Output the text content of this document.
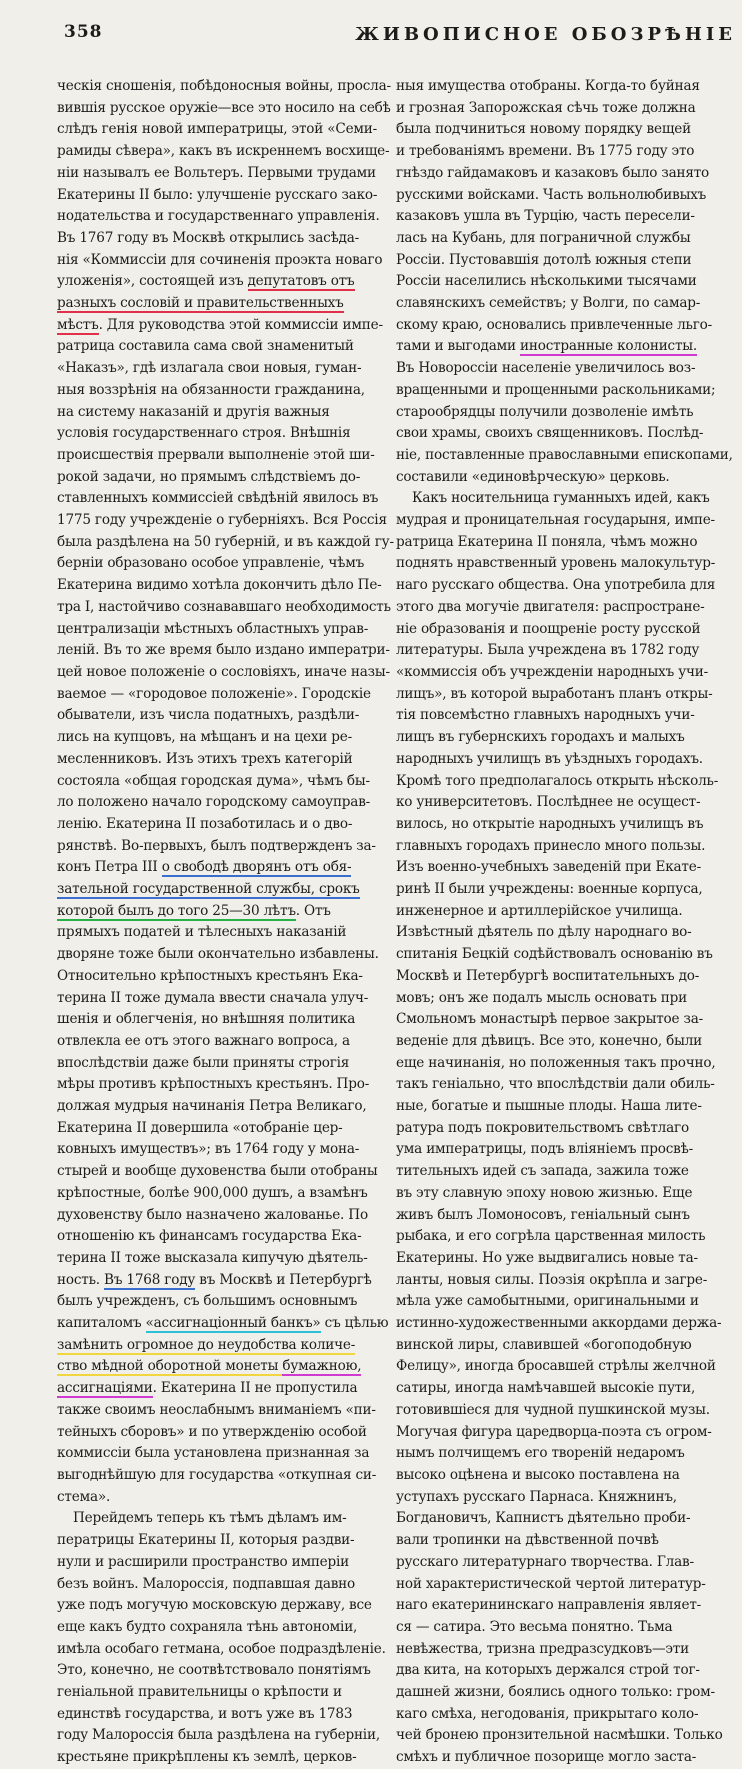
358	ЖИВОПИСНОЕ ОБОЗРѢНІЕ
ческія сношенія, побѣдоносныя войны, просла-
вившія русское оружіе—все это носило на себѣ
слѣдъ генія новой императрицы, этой «Семи-
рамиды сѣвера», какъ въ искреннемъ восхище-
ніи называлъ ее Вольтеръ. Первыми трудами
Екатерины II было: улучшеніе русскаго зако-
нодательства и государственнаго управленія.
Въ 1767 году въ Москвѣ открылись засѣда-
нія «Коммиссіи для сочиненія проэкта новаго
уложенія», состоящей изъ депутатовъ отъ
разныхъ сословій и правительственныхъ
мѣстъ. Для руководства этой коммиссіи импе-
ратрица составила сама свой знаменитый
«Наказъ», гдѣ излагала свои новыя, гуман-
ныя воззрѣнія на обязанности гражданина,
на систему наказаній и другія важныя
условія государственнаго строя. Внѣшнія
происшествія прервали выполненіе этой ши-
рокой задачи, но прямымъ слѣдствіемъ до-
ставленныхъ коммиссіей свѣдѣній явилось въ
1775 году учрежденіе о губерніяхъ. Вся Россія
была раздѣлена на 50 губерній, и въ каждой гу-
берніи образовано особое управленіе, чѣмъ
Екатерина видимо хотѣла докончить дѣло Пе-
тра I, настойчиво сознававшаго необходимость
централизаціи мѣстныхъ областныхъ управ-
леній. Въ то же время было издано императри-
цей новое положеніе о сословіяхъ, иначе назы-
ваемое — «городовое положеніе». Городскіе
обыватели, изъ числа податныхъ, раздѣли-
лись на купцовъ, на мѣщанъ и на цехи ре-
месленниковъ. Изъ этихъ трехъ категорій
состояла «общая городская дума», чѣмъ бы-
ло положено начало городскому самоуправ-
ленію. Екатерина II позаботилась и о дво-
рянствѣ. Во-первыхъ, былъ подтвержденъ за-
конъ Петра III о свободѣ дворянъ отъ обя-
зательной государственной службы, срокъ
которой былъ до того 25—30 лѣтъ. Отъ
прямыхъ податей и тѣлесныхъ наказаній
дворяне тоже были окончательно избавлены.
Относительно крѣпостныхъ крестьянъ Ека-
терина II тоже думала ввести сначала улуч-
шенія и облегченія, но внѣшняя политика
отвлекла ее отъ этого важнаго вопроса, а
впослѣдствіи даже были приняты строгія
мѣры противъ крѣпостныхъ крестьянъ. Про-
должая мудрыя начинанія Петра Великаго,
Екатерина II довершила «отобраніе цер-
ковныхъ имуществъ»; въ 1764 году у мона-
стырей и вообще духовенства были отобраны
крѣпостные, болѣе 900,000 душъ, а взамѣнъ
духовенству было назначено жалованье. По
отношенію къ финансамъ государства Ека-
терина II тоже высказала кипучую дѣятель-
ность. Въ 1768 году въ Москвѣ и Петербургѣ
былъ учрежденъ, съ большимъ основнымъ
капиталомъ «ассигнаціонный банкъ» съ цѣлью
замѣнить огромное до неудобства количе-
ство мѣдной оборотной монеты бумажною,
ассигнаціями. Екатерина II не пропустила
также своимъ неослабнымъ вниманіемъ «пи-
тейныхъ сборовъ» и по утвержденію особой
коммиссіи была установлена признанная за
выгоднѣйшую для государства «откупная си-
стема».
Перейдемъ теперь къ тѣмъ дѣламъ им-
ператрицы Екатерины II, которыя раздви-
нули и расширили пространство имперіи
безъ войнъ. Малороссія, подпавшая давно
уже подъ могучую московскую державу, все
еще какъ будто сохраняла тѣнь автономіи,
имѣла особаго гетмана, особое подраздѣленіе.
Это, конечно, не соотвѣтствовало понятіямъ
геніальной правительницы о крѣпости и
единствѣ государства, и вотъ уже въ 1783
году Малороссія была раздѣлена на губерніи,
крестьяне прикрѣплены къ землѣ, церков-
ныя имущества отобраны. Когда-то буйная
и грозная Запорожская сѣчь тоже должна
была подчиниться новому порядку вещей
и требованіямъ времени. Въ 1775 году это
гнѣздо гайдамаковъ и казаковъ было занято
русскими войсками. Часть вольнолюбивыхъ
казаковъ ушла въ Турцію, часть пересели-
лась на Кубань, для пограничной службы
Россіи. Пустовавшія дотолѣ южныя степи
Россіи населились нѣсколькими тысячами
славянскихъ семействъ; у Волги, по самар-
скому краю, основались привлеченные льго-
тами и выгодами иностранные колонисты.
Въ Новороссіи населеніе увеличилось воз-
вращенными и прощенными раскольниками;
старообрядцы получили дозволеніе имѣть
свои храмы, своихъ священниковъ. Послѣд-
ніе, поставленные православными епископами,
составили «единовѣрческую» церковь.
Какъ носительница гуманныхъ идей, какъ
мудрая и проницательная государыня, импе-
ратрица Екатерина II поняла, чѣмъ можно
поднять нравственный уровень малокультур-
наго русскаго общества. Она употребила для
этого два могучіе двигателя: распростране-
ніе образованія и поощреніе росту русской
литературы. Была учреждена въ 1782 году
«коммиссія объ учрежденіи народныхъ учи-
лищъ», въ которой выработанъ планъ откры-
тія повсемѣстно главныхъ народныхъ учи-
лищъ въ губернскихъ городахъ и малыхъ
народныхъ училищъ въ уѣздныхъ городахъ.
Кромѣ того предполагалось открыть нѣсколь-
ко университетовъ. Послѣднее не осущест-
вилось, но открытіе народныхъ училищъ въ
главныхъ городахъ принесло много пользы.
Изъ военно-учебныхъ заведеній при Екате-
ринѣ II были учреждены: военные корпуса,
инженерное и артиллерійское училища.
Извѣстный дѣятель по дѣлу народнаго во-
спитанія Бецкій содѣйствовалъ основанію въ
Москвѣ и Петербургѣ воспитательныхъ до-
мовъ; онъ же подалъ мысль основать при
Смольномъ монастырѣ первое закрытое за-
веденіе для дѣвицъ. Все это, конечно, были
еще начинанія, но положенныя такъ прочно,
такъ геніально, что впослѣдствіи дали обиль-
ные, богатые и пышные плоды. Наша лите-
ратура подъ покровительствомъ свѣтлаго
ума императрицы, подъ вліяніемъ просвѣ-
тительныхъ идей съ запада, зажила тоже
въ эту славную эпоху новою жизнью. Еще
живъ былъ Ломоносовъ, геніальный сынъ
рыбака, и его согрѣла царственная милость
Екатерины. Но уже выдвигались новые та-
ланты, новыя силы. Поэзія окрѣпла и загре-
мѣла уже самобытными, оригинальными и
истинно-художественными аккордами держа-
винской лиры, славившей «богоподобную
Фелицу», иногда бросавшей стрѣлы желчной
сатиры, иногда намѣчавшей высокіе пути,
готовившіеся для чудной пушкинской музы.
Могучая фигура царедворца-поэта съ огром-
нымъ полчищемъ его твореній недаромъ
высоко оцѣнена и высоко поставлена на
уступахъ русскаго Парнаса. Княжнинъ,
Богдановичъ, Капнистъ дѣятельно проби-
вали тропинки на дѣвственной почвѣ
русскаго литературнаго творчества. Глав-
ной характеристической чертой литератур-
наго екатерининскаго направленія являет-
ся — сатира. Это весьма понятно. Тьма
невѣжества, тризна предразсудковъ—эти
два кита, на которыхъ держался строй тог-
дашней жизни, боялись одного только: гром-
каго смѣха, негодованія, прикрытаго коло-
чей бронею пронзительной насмѣшки. Только
смѣхъ и публичное позорище могло заста-
